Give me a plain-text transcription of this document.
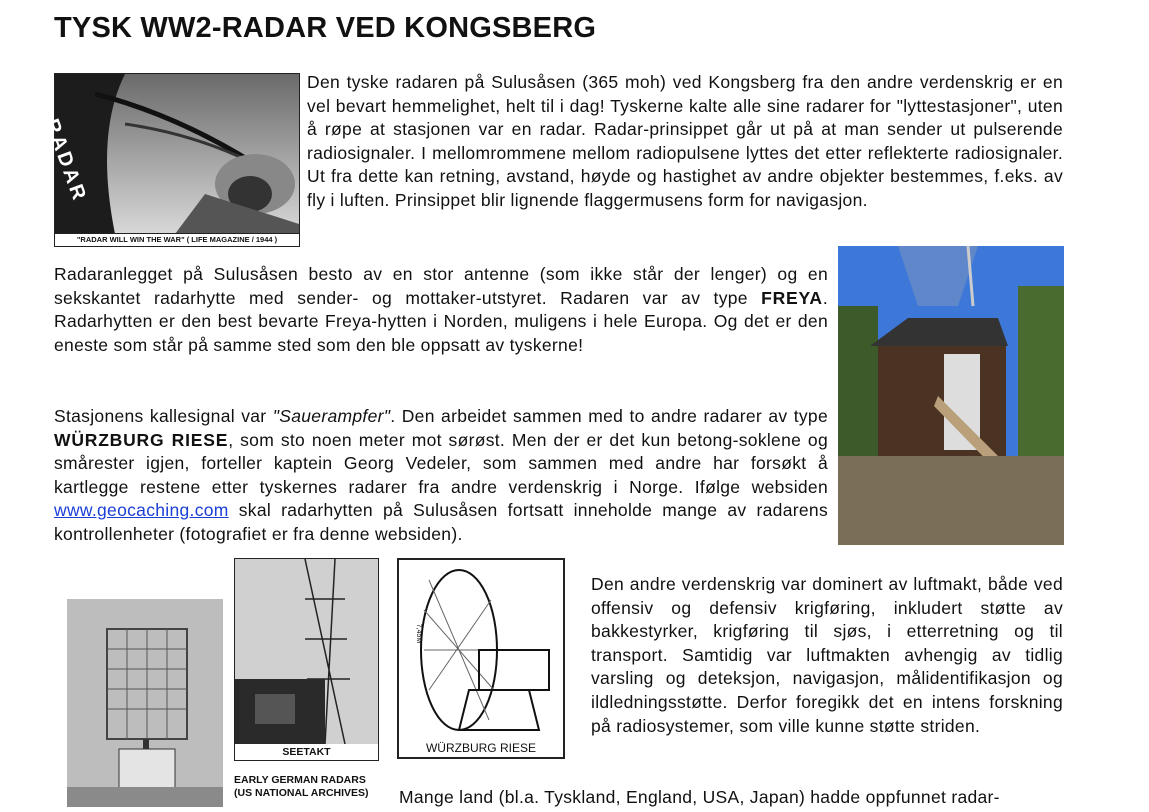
TYSK WW2-RADAR VED KONGSBERG
RADAR
"RADAR WILL WIN THE WAR" ( LIFE MAGAZINE / 1944 )

Den tyske radaren på Sulusåsen (365 moh) ved Kongsberg fra den andre verdenskrig er en vel bevart hemmelighet, helt til i dag! Tyskerne kalte alle sine radarer for "lyttestasjoner", uten å røpe at stasjonen var en radar. Radar-prinsippet går ut på at man sender ut pulserende radiosignaler. I mellomrommene mellom radiopulsene lyttes det etter reflekterte radiosignaler. Ut fra dette kan retning, avstand, høyde og hastighet av andre objekter bestemmes, f.eks. av fly i luften. Prinsippet blir lignende flaggermusens form for navigasjon.

Radaranlegget på Sulusåsen besto av en stor antenne (som ikke står der lenger) og en sekskantet radarhytte med sender- og mottaker-utstyret. Radaren var av type FREYA. Radarhytten er den best bevarte Freya-hytten i Norden, muligens i hele Europa. Og det er den eneste som står på samme sted som den ble oppsatt av tyskerne!

Stasjonens kallesignal var "Sauerampfer". Den arbeidet sammen med to andre radarer av type WÜRZBURG RIESE, som sto noen meter mot sørøst. Men der er det kun betong-soklene og smårester igjen, forteller kaptein Georg Vedeler, som sammen med andre har forsøkt å kartlegge restene etter tyskernes radarer fra andre verdenskrig i Norge. Ifølge websiden www.geocaching.com skal radarhytten på Sulusåsen fortsatt inneholde mange av radarens kontrollenheter (fotografiet er fra denne websiden).

SEETAKT
7,45M
WÜRZBURG RIESE
EARLY GERMAN RADARS
(US NATIONAL ARCHIVES)

Den andre verdenskrig var dominert av luftmakt, både ved offensiv og defensiv krigføring, inkludert støtte av bakkestyrker, krigføring til sjøs, i etterretning og til transport. Samtidig var luftmakten avhengig av tidlig varsling og deteksjon, navigasjon, målidentifikasjon og ildledningsstøtte. Derfor foregikk det en intens forskning på radiosystemer, som ville kunne støtte striden.

Mange land (bl.a. Tyskland, England, USA, Japan) hadde oppfunnet radar-
